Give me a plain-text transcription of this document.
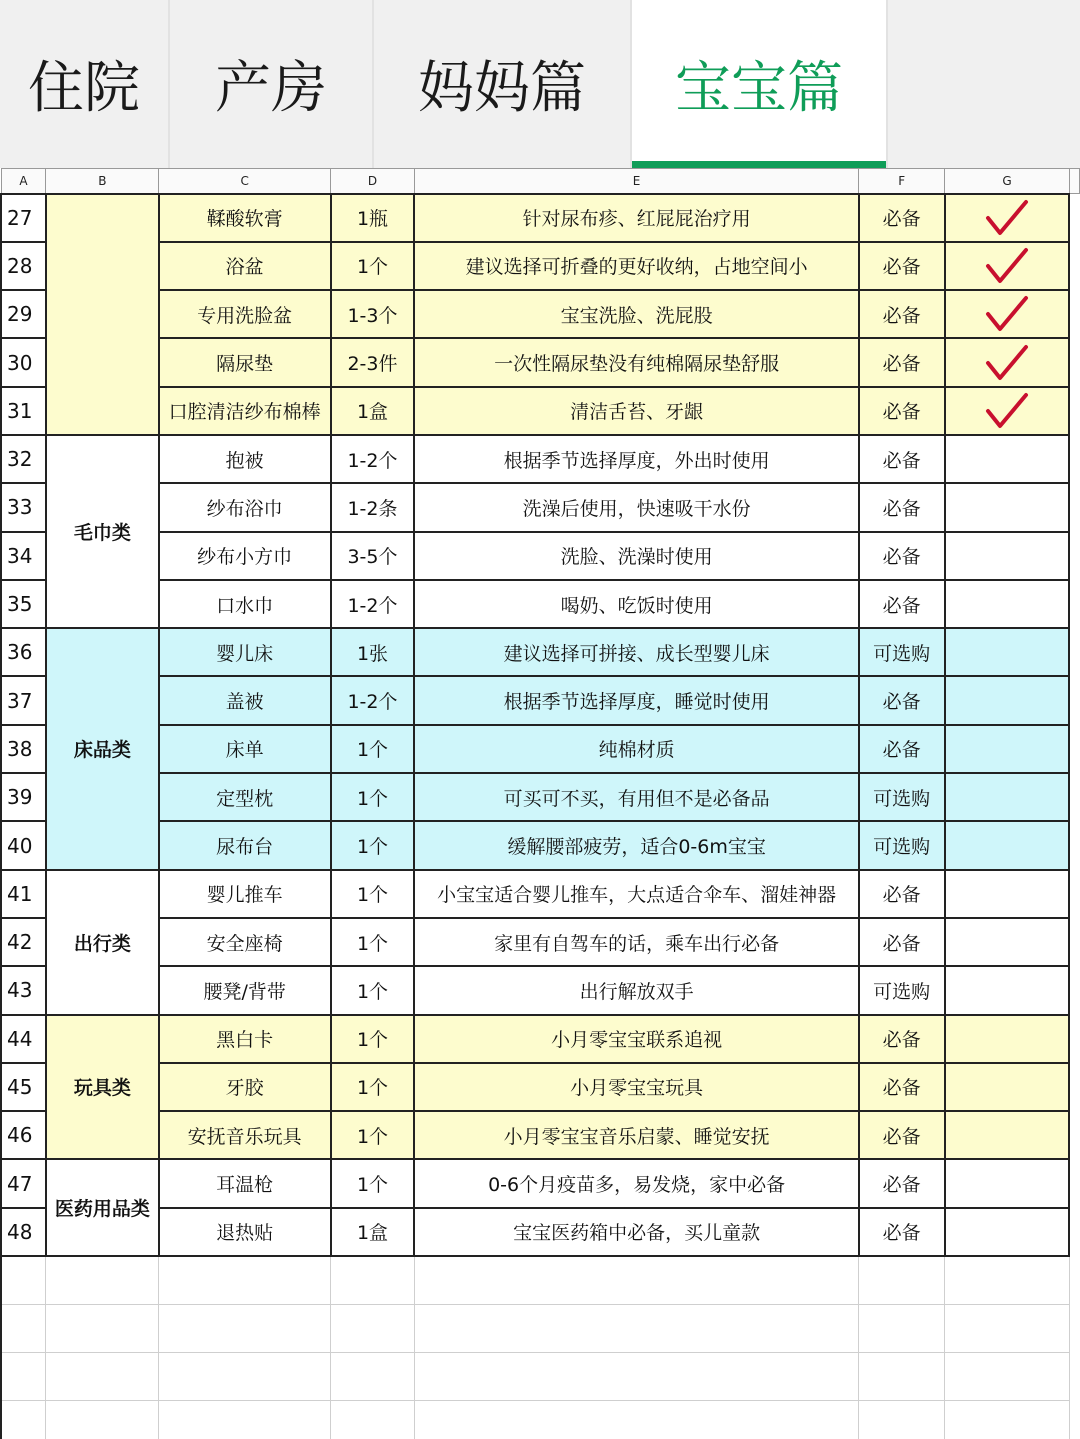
住院	产房	妈妈篇	宝宝篇
A	B	C	D	E	F	G	
27		鞣酸软膏	1瓶	针对尿布疹、红屁屁治疗用	必备		
28		浴盆	1个	建议选择可折叠的更好收纳，占地空间小	必备		
29		专用洗脸盆	1-3个	宝宝洗脸、洗屁股	必备		
30		隔尿垫	2-3件	一次性隔尿垫没有纯棉隔尿垫舒服	必备		
31		口腔清洁纱布棉棒	1盒	清洁舌苔、牙龈	必备		
32	毛巾类	抱被	1-2个	根据季节选择厚度，外出时使用	必备		
33		纱布浴巾	1-2条	洗澡后使用，快速吸干水份	必备		
34		纱布小方巾	3-5个	洗脸、洗澡时使用	必备		
35		口水巾	1-2个	喝奶、吃饭时使用	必备		
36	床品类	婴儿床	1张	建议选择可拼接、成长型婴儿床	可选购		
37		盖被	1-2个	根据季节选择厚度，睡觉时使用	必备		
38		床单	1个	纯棉材质	必备		
39		定型枕	1个	可买可不买，有用但不是必备品	可选购		
40		尿布台	1个	缓解腰部疲劳，适合0-6m宝宝	可选购		
41	出行类	婴儿推车	1个	小宝宝适合婴儿推车，大点适合伞车、溜娃神器	必备		
42		安全座椅	1个	家里有自驾车的话，乘车出行必备	必备		
43		腰凳/背带	1个	出行解放双手	可选购		
44	玩具类	黑白卡	1个	小月零宝宝联系追视	必备		
45		牙胶	1个	小月零宝宝玩具	必备		
46		安抚音乐玩具	1个	小月零宝宝音乐启蒙、睡觉安抚	必备		
47	医药用品类	耳温枪	1个	0-6个月疫苗多，易发烧，家中必备	必备		
48		退热贴	1盒	宝宝医药箱中必备，买儿童款	必备		
